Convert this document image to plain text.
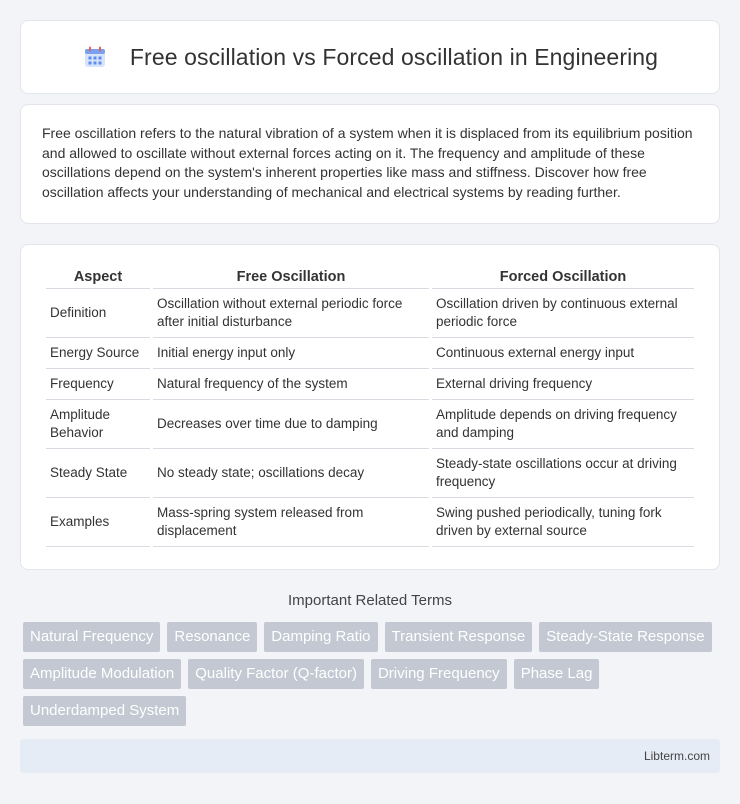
Free oscillation vs Forced oscillation in Engineering

Free oscillation refers to the natural vibration of a system when it is displaced from its equilibrium position and allowed to oscillate without external forces acting on it. The frequency and amplitude of these oscillations depend on the system's inherent properties like mass and stiffness. Discover how free oscillation affects your understanding of mechanical and electrical systems by reading further.

Aspect	Free Oscillation	Forced Oscillation
Definition	Oscillation without external periodic force after initial disturbance	Oscillation driven by continuous external periodic force
Energy Source	Initial energy input only	Continuous external energy input
Frequency	Natural frequency of the system	External driving frequency
Amplitude Behavior	Decreases over time due to damping	Amplitude depends on driving frequency and damping
Steady State	No steady state; oscillations decay	Steady-state oscillations occur at driving frequency
Examples	Mass-spring system released from displacement	Swing pushed periodically, tuning fork driven by external source
Important Related Terms
Natural Frequency	Resonance	Damping Ratio	Transient Response	Steady-State Response
Amplitude Modulation	Quality Factor (Q-factor)	Driving Frequency	Phase Lag
Underdamped System
Libterm.com
